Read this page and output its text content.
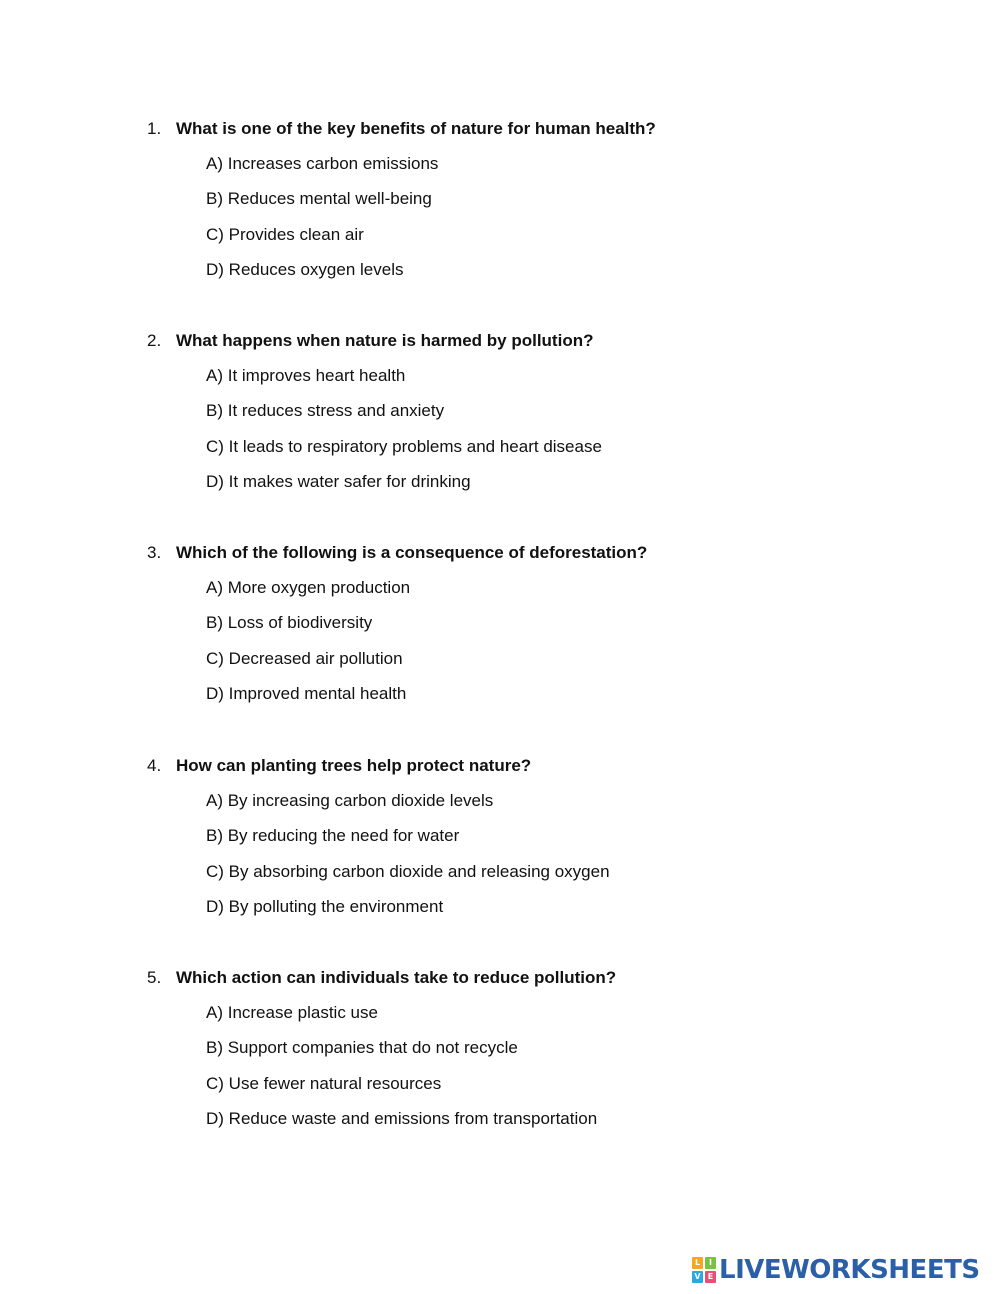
1. What is one of the key benefits of nature for human health?
A) Increases carbon emissions
B) Reduces mental well-being
C) Provides clean air
D) Reduces oxygen levels
2. What happens when nature is harmed by pollution?
A) It improves heart health
B) It reduces stress and anxiety
C) It leads to respiratory problems and heart disease
D) It makes water safer for drinking
3. Which of the following is a consequence of deforestation?
A) More oxygen production
B) Loss of biodiversity
C) Decreased air pollution
D) Improved mental health
4. How can planting trees help protect nature?
A) By increasing carbon dioxide levels
B) By reducing the need for water
C) By absorbing carbon dioxide and releasing oxygen
D) By polluting the environment
5. Which action can individuals take to reduce pollution?
A) Increase plastic use
B) Support companies that do not recycle
C) Use fewer natural resources
D) Reduce waste and emissions from transportation
L	I
V E LIVEWORKSHEETS
